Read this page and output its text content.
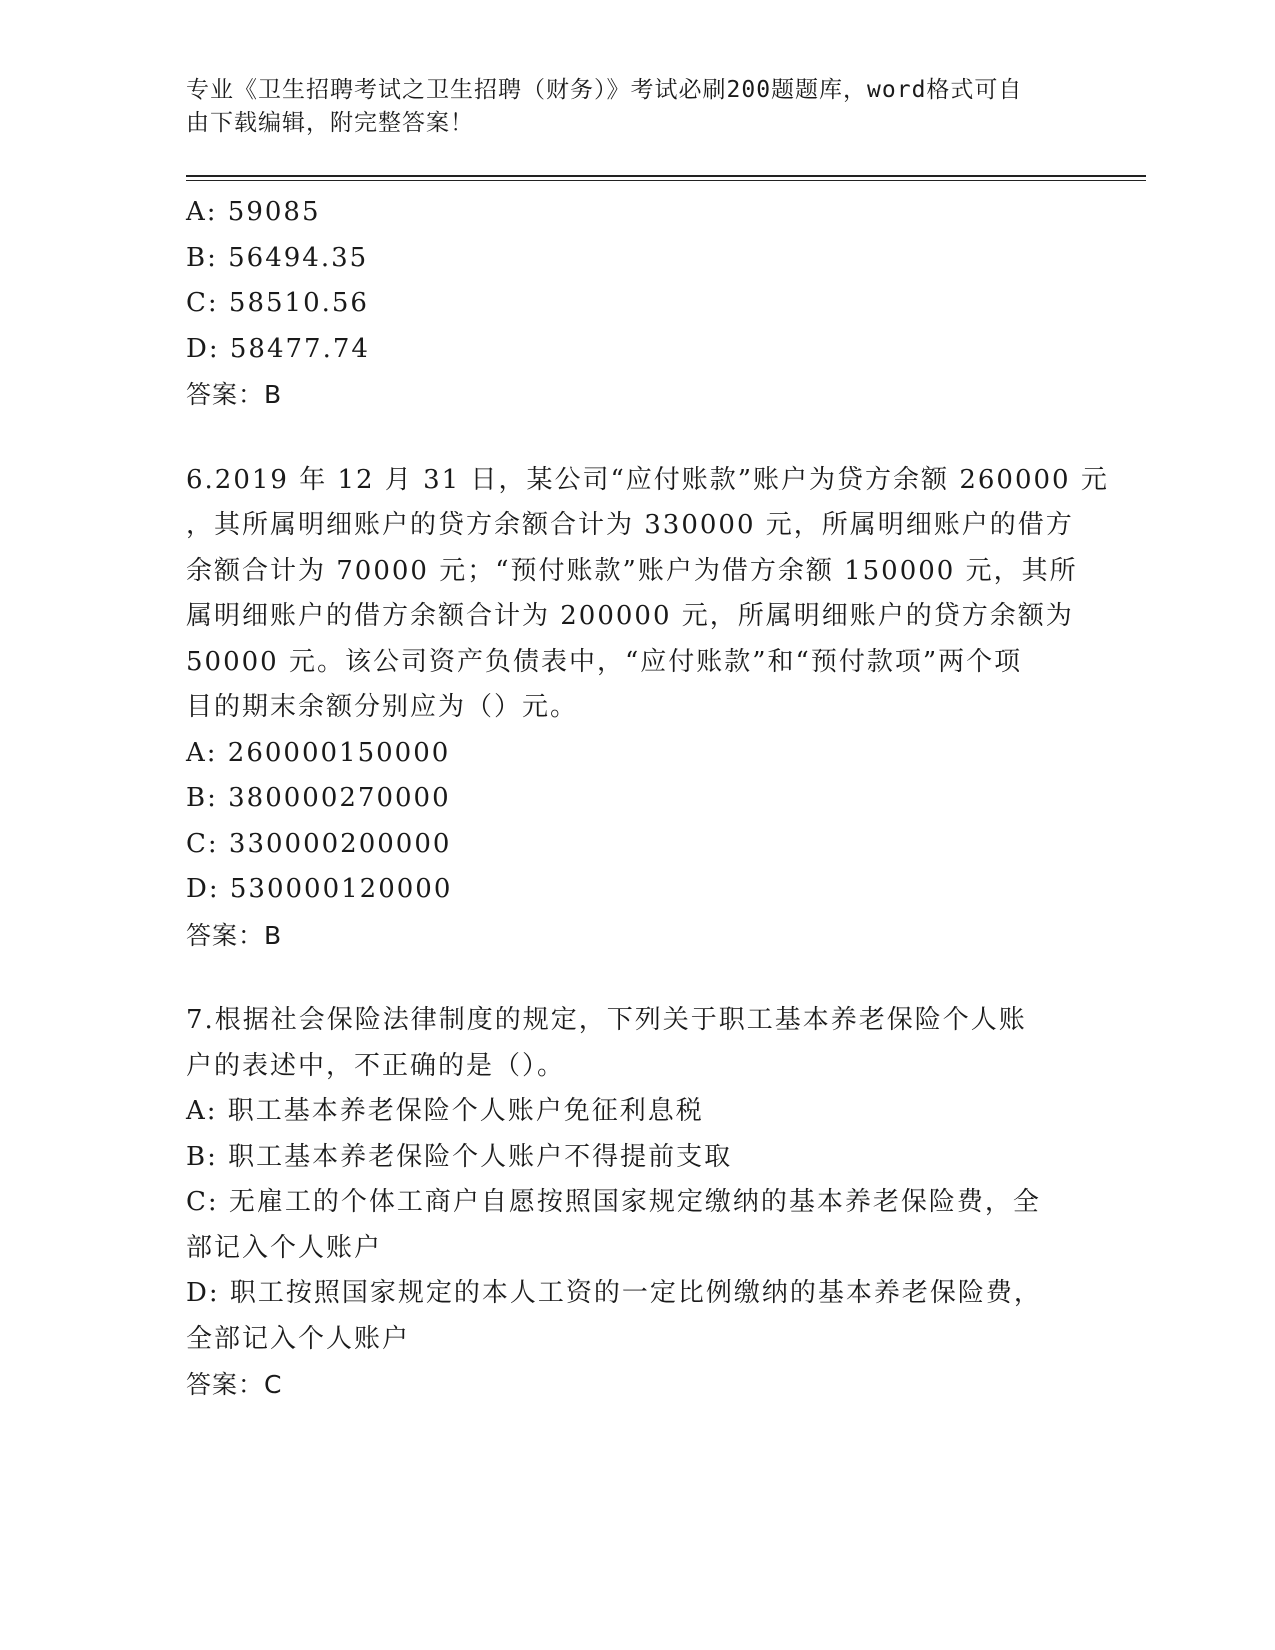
专业《卫生招聘考试之卫生招聘（财务）》考试必刷200题题库，word格式可自
由下载编辑，附完整答案！
A: 59085
B: 56494.35
C: 58510.56
D: 58477.74
答案：B
6.2019 年 12 月 31 日，某公司“应付账款”账户为贷方余额 260000 元
，其所属明细账户的贷方余额合计为 330000 元，所属明细账户的借方
余额合计为 70000 元；“预付账款”账户为借方余额 150000 元，其所
属明细账户的借方余额合计为 200000 元，所属明细账户的贷方余额为
50000 元。该公司资产负债表中，“应付账款”和“预付款项”两个项
目的期末余额分别应为（）元。
A: 260000150000
B: 380000270000
C: 330000200000
D: 530000120000
答案：B
7.根据社会保险法律制度的规定，下列关于职工基本养老保险个人账
户的表述中，不正确的是（）。
A: 职工基本养老保险个人账户免征利息税
B: 职工基本养老保险个人账户不得提前支取
C: 无雇工的个体工商户自愿按照国家规定缴纳的基本养老保险费，全
部记入个人账户
D: 职工按照国家规定的本人工资的一定比例缴纳的基本养老保险费，
全部记入个人账户
答案：C
